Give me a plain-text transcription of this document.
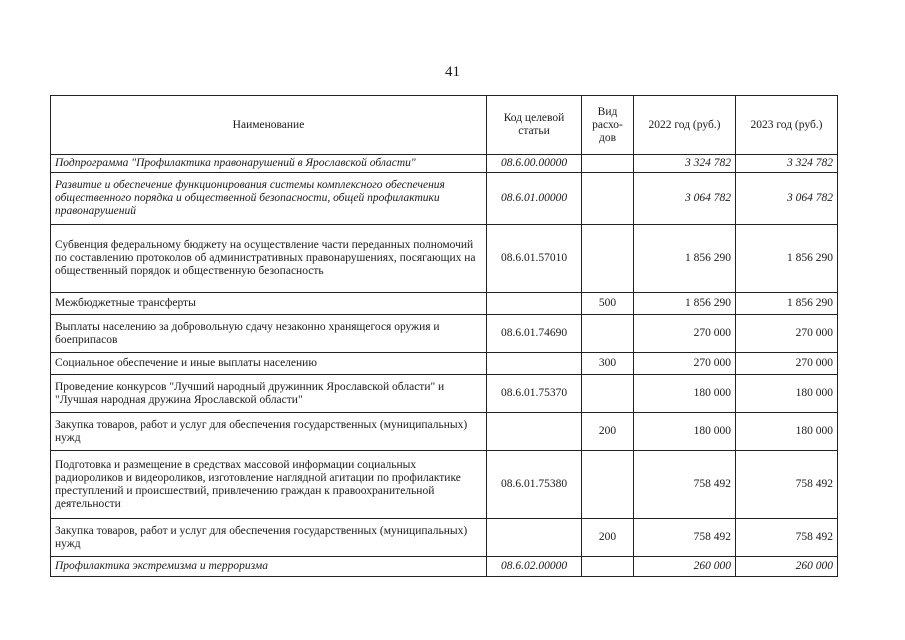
41
Наименование	Код целевой статьи	Вид расхо-дов	2022 год (руб.)	2023 год (руб.)
Подпрограмма "Профилактика правонарушений в Ярославской области"	08.6.00.00000		3 324 782	3 324 782
Развитие и обеспечение функционирования системы комплексного обеспечения общественного порядка и общественной безопасности, общей профилактики правонарушений	08.6.01.00000		3 064 782	3 064 782
Субвенция федеральному бюджету на осуществление части переданных полномочий по составлению протоколов об административных правонарушениях, посягающих на общественный порядок и общественную безопасность	08.6.01.57010		1 856 290	1 856 290
Межбюджетные трансферты		500	1 856 290	1 856 290
Выплаты населению за добровольную сдачу незаконно хранящегося оружия и боеприпасов	08.6.01.74690		270 000	270 000
Социальное обеспечение и иные выплаты населению		300	270 000	270 000
Проведение конкурсов "Лучший народный дружинник Ярославской области" и "Лучшая народная дружина Ярославской области"	08.6.01.75370		180 000	180 000
Закупка товаров, работ и услуг для обеспечения государственных (муниципальных) нужд		200	180 000	180 000
Подготовка и размещение в средствах массовой информации социальных радиороликов и видеороликов, изготовление наглядной агитации по профилактике преступлений и происшествий, привлечению граждан к правоохранительной деятельности	08.6.01.75380		758 492	758 492
Закупка товаров, работ и услуг для обеспечения государственных (муниципальных) нужд		200	758 492	758 492
Профилактика экстремизма и терроризма	08.6.02.00000		260 000	260 000
